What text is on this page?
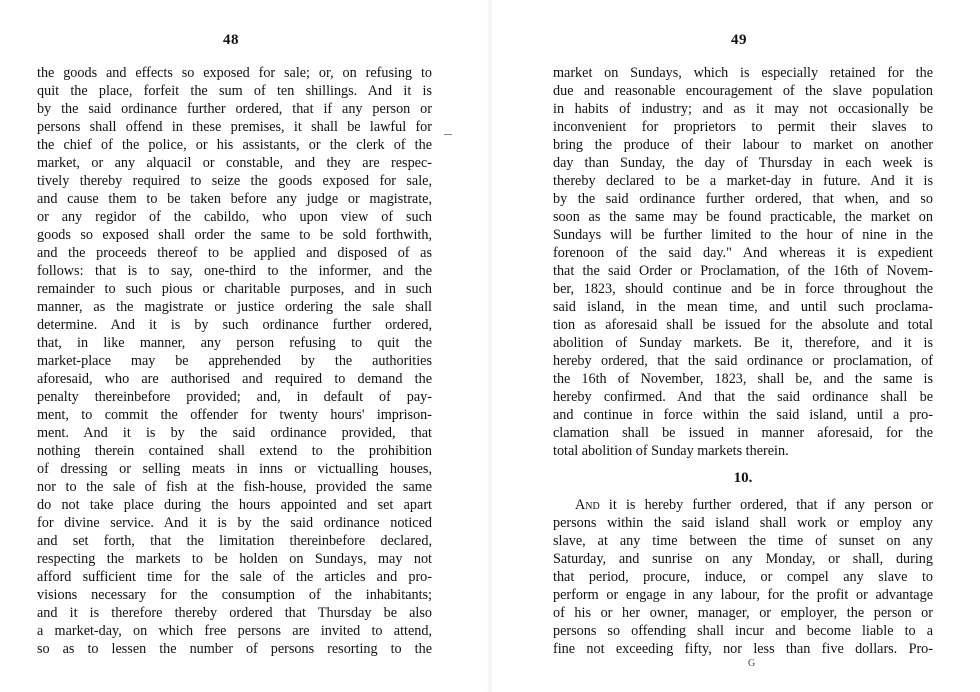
48
the goods and effects so exposed for sale; or, on refusing to
quit the place, forfeit the sum of ten shillings. And it is
by the said ordinance further ordered, that if any person or
persons shall offend in these premises, it shall be lawful for
the chief of the police, or his assistants, or the clerk of the
market, or any alquacil or constable, and they are respec-
tively thereby required to seize the goods exposed for sale,
and cause them to be taken before any judge or magistrate,
or any regidor of the cabildo, who upon view of such
goods so exposed shall order the same to be sold forthwith,
and the proceeds thereof to be applied and disposed of as
follows: that is to say, one-third to the informer, and the
remainder to such pious or charitable purposes, and in such
manner, as the magistrate or justice ordering the sale shall
determine. And it is by such ordinance further ordered,
that, in like manner, any person refusing to quit the
market-place may be apprehended by the authorities
aforesaid, who are authorised and required to demand the
penalty thereinbefore provided; and, in default of pay-
ment, to commit the offender for twenty hours' imprison-
ment. And it is by the said ordinance provided, that
nothing therein contained shall extend to the prohibition
of dressing or selling meats in inns or victualling houses,
nor to the sale of fish at the fish-house, provided the same
do not take place during the hours appointed and set apart
for divine service. And it is by the said ordinance noticed
and set forth, that the limitation thereinbefore declared,
respecting the markets to be holden on Sundays, may not
afford sufficient time for the sale of the articles and pro-
visions necessary for the consumption of the inhabitants;
and it is therefore thereby ordered that Thursday be also
a market-day, on which free persons are invited to attend,
so as to lessen the number of persons resorting to the
49
market on Sundays, which is especially retained for the
due and reasonable encouragement of the slave population
in habits of industry; and as it may not occasionally be
inconvenient for proprietors to permit their slaves to
bring the produce of their labour to market on another
day than Sunday, the day of Thursday in each week is
thereby declared to be a market-day in future. And it is
by the said ordinance further ordered, that when, and so
soon as the same may be found practicable, the market on
Sundays will be further limited to the hour of nine in the
forenoon of the said day." And whereas it is expedient
that the said Order or Proclamation, of the 16th of Novem-
ber, 1823, should continue and be in force throughout the
said island, in the mean time, and until such proclama-
tion as aforesaid shall be issued for the absolute and total
abolition of Sunday markets. Be it, therefore, and it is
hereby ordered, that the said ordinance or proclamation, of
the 16th of November, 1823, shall be, and the same is
hereby confirmed. And that the said ordinance shall be
and continue in force within the said island, until a pro-
clamation shall be issued in manner aforesaid, for the
total abolition of Sunday markets therein.
10.
And it is hereby further ordered, that if any person or
persons within the said island shall work or employ any
slave, at any time between the time of sunset on any
Saturday, and sunrise on any Monday, or shall, during
that period, procure, induce, or compel any slave to
perform or engage in any labour, for the profit or advantage
of his or her owner, manager, or employer, the person or
persons so offending shall incur and become liable to a
fine not exceeding fifty, nor less than five dollars. Pro-
G
